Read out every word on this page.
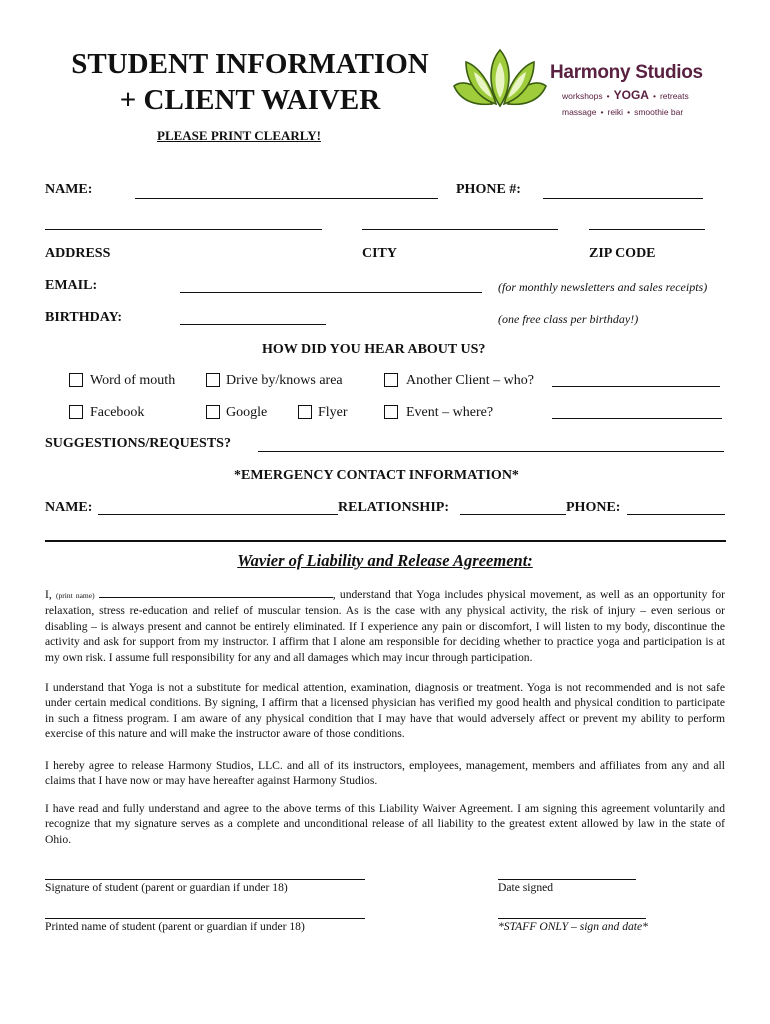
STUDENT INFORMATION
+ CLIENT WAIVER
PLEASE PRINT CLEARLY!
Harmony Studios
workshops • YOGA • retreats
massage • reiki • smoothie bar
NAME:	PHONE #:
ADDRESS	CITY	ZIP CODE
EMAIL:	(for monthly newsletters and sales receipts)
BIRTHDAY:	(one free class per birthday!)
HOW DID YOU HEAR ABOUT US?
Word of mouth	Drive by/knows area	Another Client – who?
Facebook	Google	Flyer	Event – where?
SUGGESTIONS/REQUESTS?
*EMERGENCY CONTACT INFORMATION*
NAME:	RELATIONSHIP:	PHONE:
Wavier of Liability and Release Agreement:
I, (print name)	, understand that Yoga includes physical movement, as well as an opportunity for relaxation, stress re-education and relief of muscular tension. As is the case with any physical activity, the risk of injury – even serious or disabling – is always present and cannot be entirely eliminated. If I experience any pain or discomfort, I will listen to my body, discontinue the activity and ask for support from my instructor. I affirm that I alone am responsible for deciding whether to practice yoga and participation is at my own risk. I assume full responsibility for any and all damages which may incur through participation.
I understand that Yoga is not a substitute for medical attention, examination, diagnosis or treatment. Yoga is not recommended and is not safe under certain medical conditions. By signing, I affirm that a licensed physician has verified my good health and physical condition to participate in such a fitness program. I am aware of any physical condition that I may have that would adversely affect or prevent my ability to perform exercise of this nature and will make the instructor aware of those conditions.
I hereby agree to release Harmony Studios, LLC. and all of its instructors, employees, management, members and affiliates from any and all claims that I have now or may have hereafter against Harmony Studios.
I have read and fully understand and agree to the above terms of this Liability Waiver Agreement. I am signing this agreement voluntarily and recognize that my signature serves as a complete and unconditional release of all liability to the greatest extent allowed by law in the state of Ohio.
Signature of student (parent or guardian if under 18)	Date signed
Printed name of student (parent or guardian if under 18)	*STAFF ONLY – sign and date*
